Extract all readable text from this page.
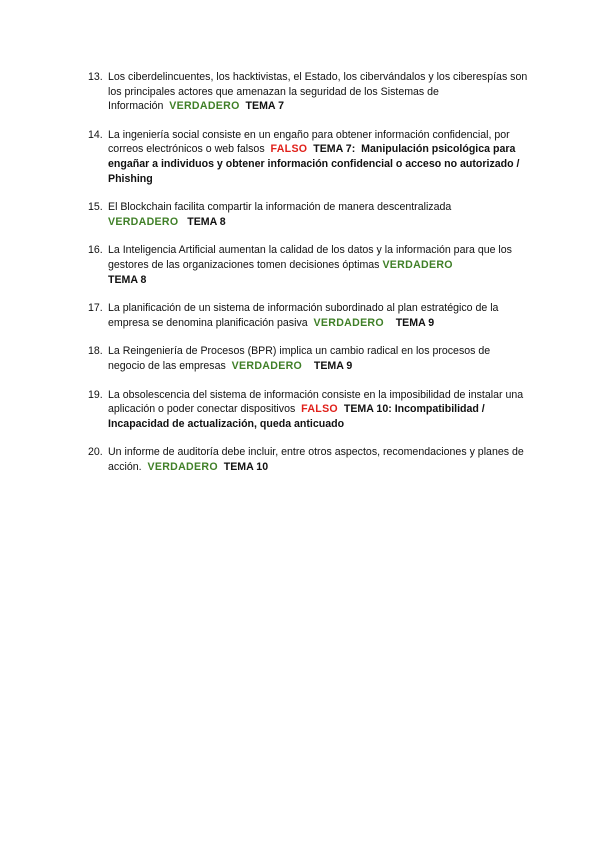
13. Los ciberdelincuentes, los hacktivistas, el Estado, los cibervándalos y los ciberespías son los principales actores que amenazan la seguridad de los Sistemas de Información VERDADERO TEMA 7
14. La ingeniería social consiste en un engaño para obtener información confidencial, por correos electrónicos o web falsos FALSO TEMA 7: Manipulación psicológica para engañar a individuos y obtener información confidencial o acceso no autorizado / Phishing
15. El Blockchain facilita compartir la información de manera descentralizada
VERDADERO TEMA 8
16. La Inteligencia Artificial aumentan la calidad de los datos y la información para que los gestores de las organizaciones tomen decisiones óptimas VERDADERO
TEMA 8
17. La planificación de un sistema de información subordinado al plan estratégico de la empresa se denomina planificación pasiva VERDADERO TEMA 9
18. La Reingeniería de Procesos (BPR) implica un cambio radical en los procesos de negocio de las empresas VERDADERO TEMA 9
19. La obsolescencia del sistema de información consiste en la imposibilidad de instalar una aplicación o poder conectar dispositivos FALSO TEMA 10: Incompatibilidad / Incapacidad de actualización, queda anticuado
20. Un informe de auditoría debe incluir, entre otros aspectos, recomendaciones y planes de acción. VERDADERO TEMA 10
